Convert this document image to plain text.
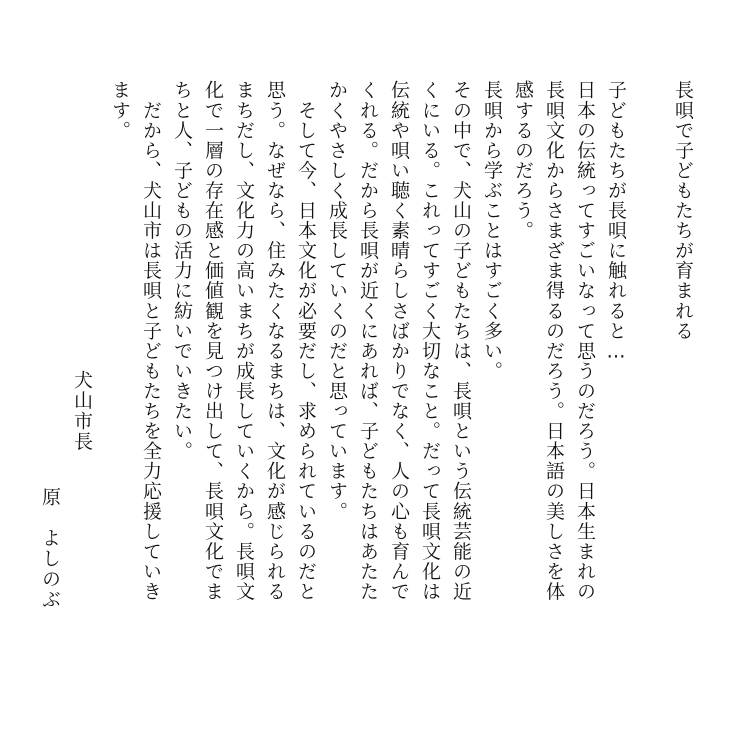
長唄で子どもたちが育まれる
子どもたちが長唄に触れると…
日本の伝統ってすごいなって思うのだろう。日本生まれの
長唄文化からさまざま得るのだろう。日本語の美しさを体
感するのだろう。
長唄から学ぶことはすごく多い。
その中で、犬山の子どもたちは、長唄という伝統芸能の近
くにいる。これってすごく大切なこと。だって長唄文化は
伝統や唄い聴く素晴らしさばかりでなく、人の心も育んで
くれる。だから長唄が近くにあれば、子どもたちはあたた
かくやさしく成長していくのだと思っています。
　そして今、日本文化が必要だし、求められているのだと
思う。なぜなら、住みたくなるまちは、文化が感じられる
まちだし、文化力の高いまちが成長していくから。長唄文
化で一層の存在感と価値観を見つけ出して、長唄文化でま
ちと人、子どもの活力に紡いでいきたい。
　だから、犬山市は長唄と子どもたちを全力応援していき
ます。
犬山市長
原　よしのぶ
